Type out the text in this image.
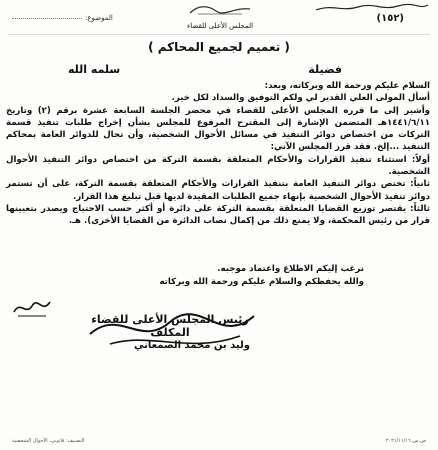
(١٥٢)
المجلس الأعلى للقضاء
الموضوع:
( تعميم لجميع المحاكم )
فضيلة
سلمه الله

السلام عليكم ورحمة الله وبركاته، وبعد:

أسأل المولى العلي القدير لي ولكم التوفيق والسداد لكل خير.

وأشير إلى ما قرره المجلس الأعلى للقضاء في محضر الجلسة السابعة عشرة برقم (٢) وتاريخ ١٤٤١/٦/١١هـ المتضمن الإشارة إلى المقترح المرفوع للمجلس بشأن إخراج طلبات تنفيذ قسمة التركات من اختصاص دوائر التنفيذ في مسائل الأحوال الشخصية، وأن تحال للدوائر العامة بمحاكم التنفيذ ...إلخ. فقد قرر المجلس الآتي:

أولاً: استثناء تنفيذ القرارات والأحكام المتعلقة بقسمة التركة من اختصاص دوائر التنفيذ الأحوال الشخصية.

ثانياً: تختص دوائر التنفيذ العامة بتنفيذ القرارات والأحكام المتعلقة بقسمة التركة، على أن تستمر دوائر تنفيذ الأحوال الشخصية بإنهاء جميع الطلبات المقيدة لديها قبل تبليغ هذا القرار.

ثالثاً: يقتصر توزيع القضايا المتعلقة بقسمة التركة على دائرة أو أكثر حسب الاحتياج ويصدر بتعيينها قرار من رئيس المحكمة، ولا يمنع ذلك من إكمال نصاب الدائرة من القضايا الأخرى). هـ.

نرغب إليكم الاطلاع واعتماد موجبه.
والله يحفظكم والسلام عليكم ورحمة الله وبركاته
رئيس المجلس الأعلى للقضاء المكلف
وليد بن محمد الصمعاني
التصنيف: قانوني، الأحوال الشخصية	ص.س ٢٠٢١/١١/١٦
